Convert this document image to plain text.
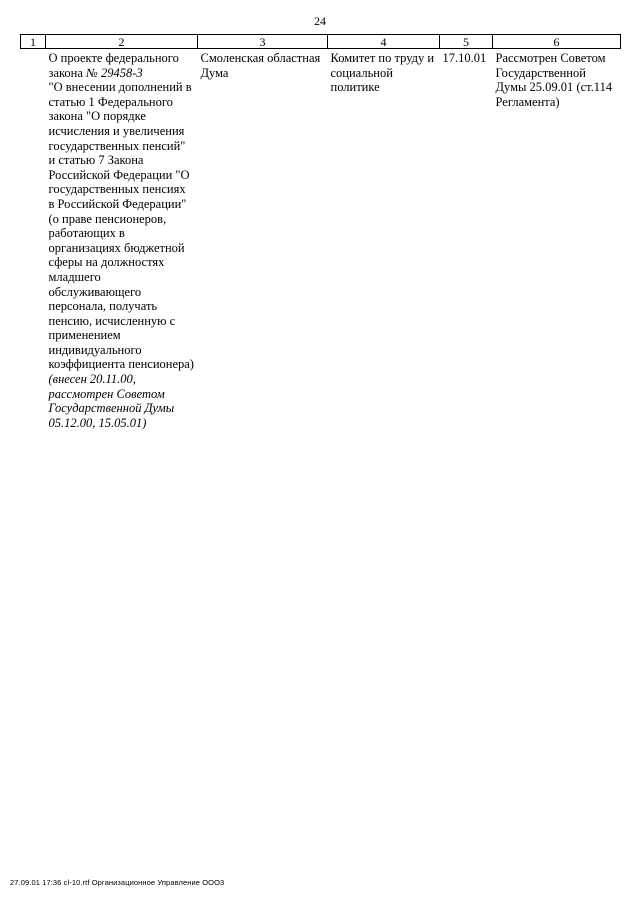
24
1	2	3	4	5	6
	О проекте федерального закона № 29458-3
"О внесении дополнений в статью 1 Федерального закона "О порядке исчисления и увеличения государственных пенсий" и статью 7 Закона Российской Федерации "О государственных пенсиях в Российской Федерации"
(о праве пенсионеров, работающих в организациях бюджетной сферы на должностях младшего обслуживающего персонала, получать пенсию, исчисленную с применением индивидуального коэффициента пенсионера)
(внесен 20.11.00, рассмотрен Советом Государственной Думы 05.12.00, 15.05.01)	Смоленская областная Дума	Комитет по труду и социальной политике	17.10.01	Рассмотрен Советом Государственной Думы 25.09.01 (ст.114 Регламента)
27.09.01 17:36 cl-10.rtf Организационное Управление ООО3
